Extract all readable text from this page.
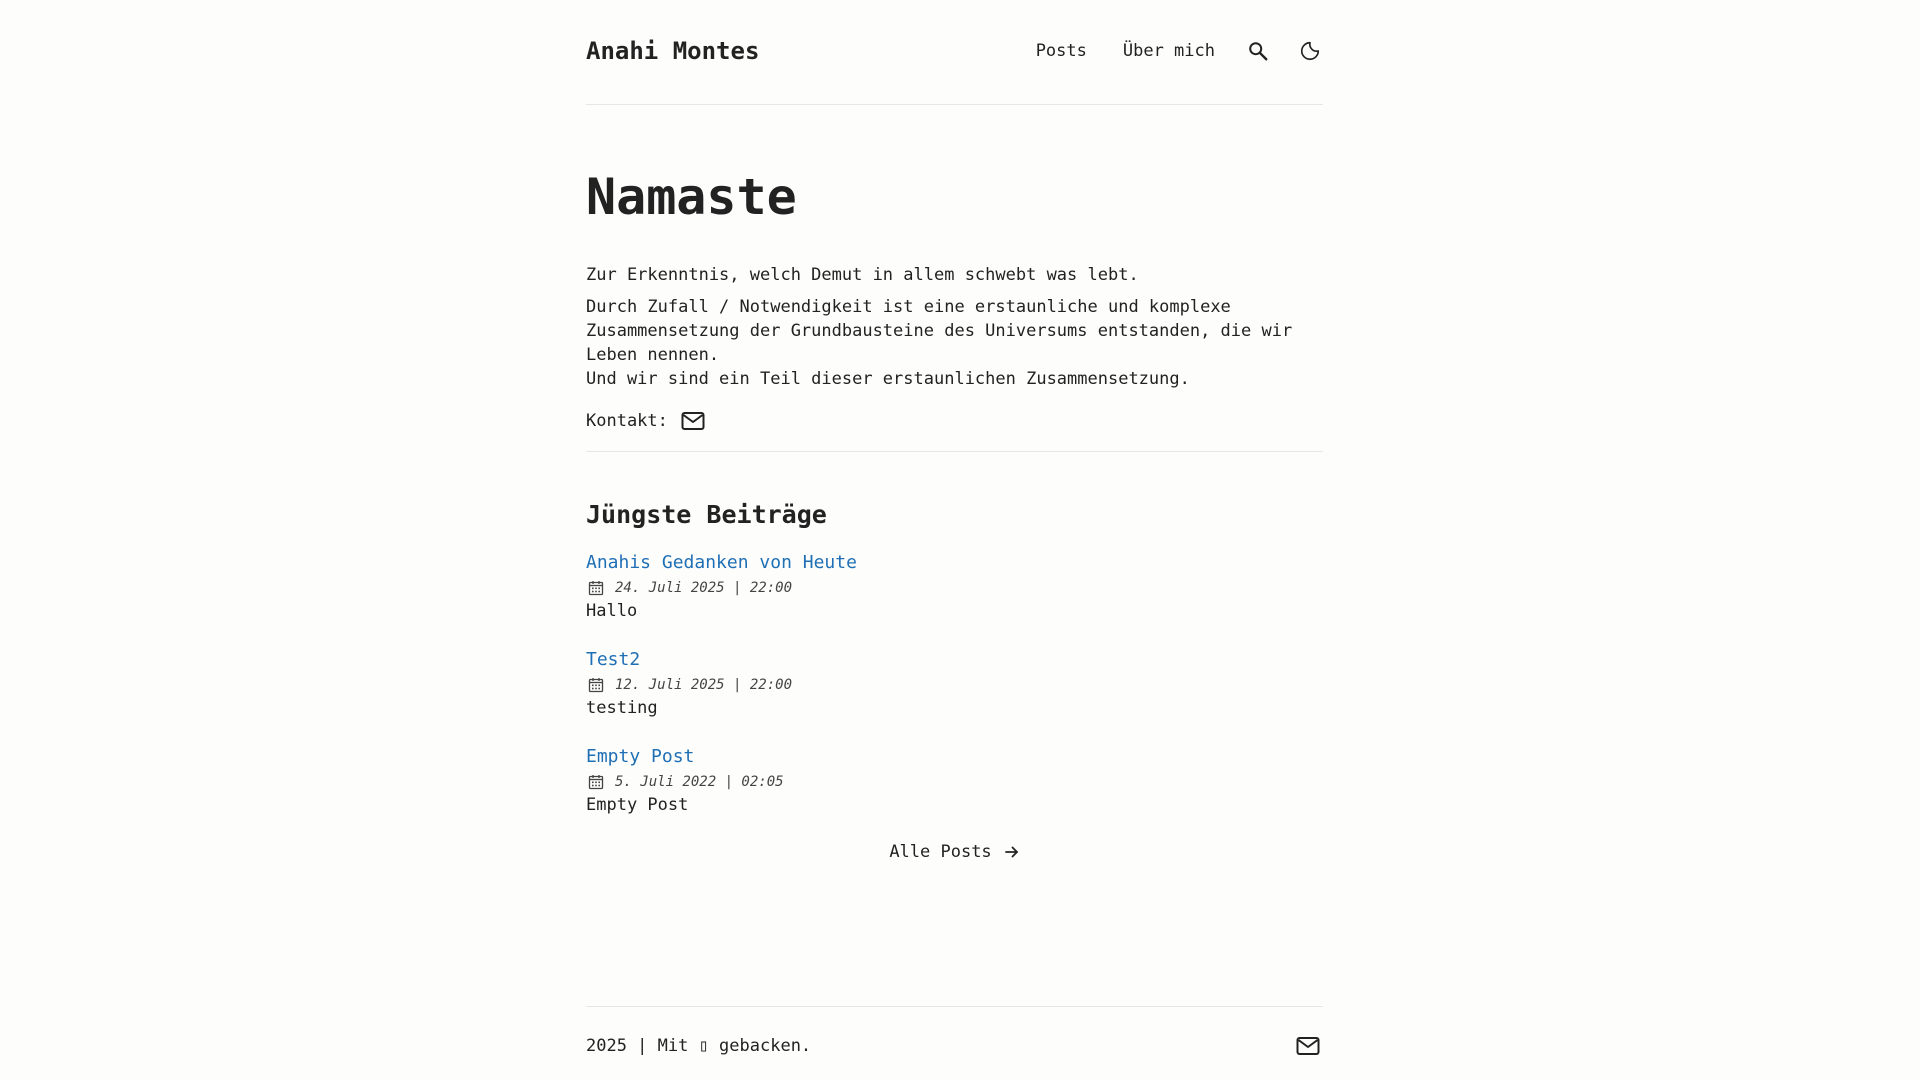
Anahi Montes	Posts Über mich
Namaste

Zur Erkenntnis, welch Demut in allem schwebt was lebt.

Durch Zufall / Notwendigkeit ist eine erstaunliche und komplexe Zusammensetzung der Grundbausteine des Universums entstanden, die wir Leben nennen.
Und wir sind ein Teil dieser erstaunlichen Zusammensetzung.

Kontakt:
Jüngste Beiträge
Anahis Gedanken von Heute
24. Juli 2025 | 22:00

Hallo

Test2
12. Juli 2025 | 22:00

testing

Empty Post
5. Juli 2022 | 02:05

Empty Post

Alle Posts
2025 | Mit ▯ gebacken.
